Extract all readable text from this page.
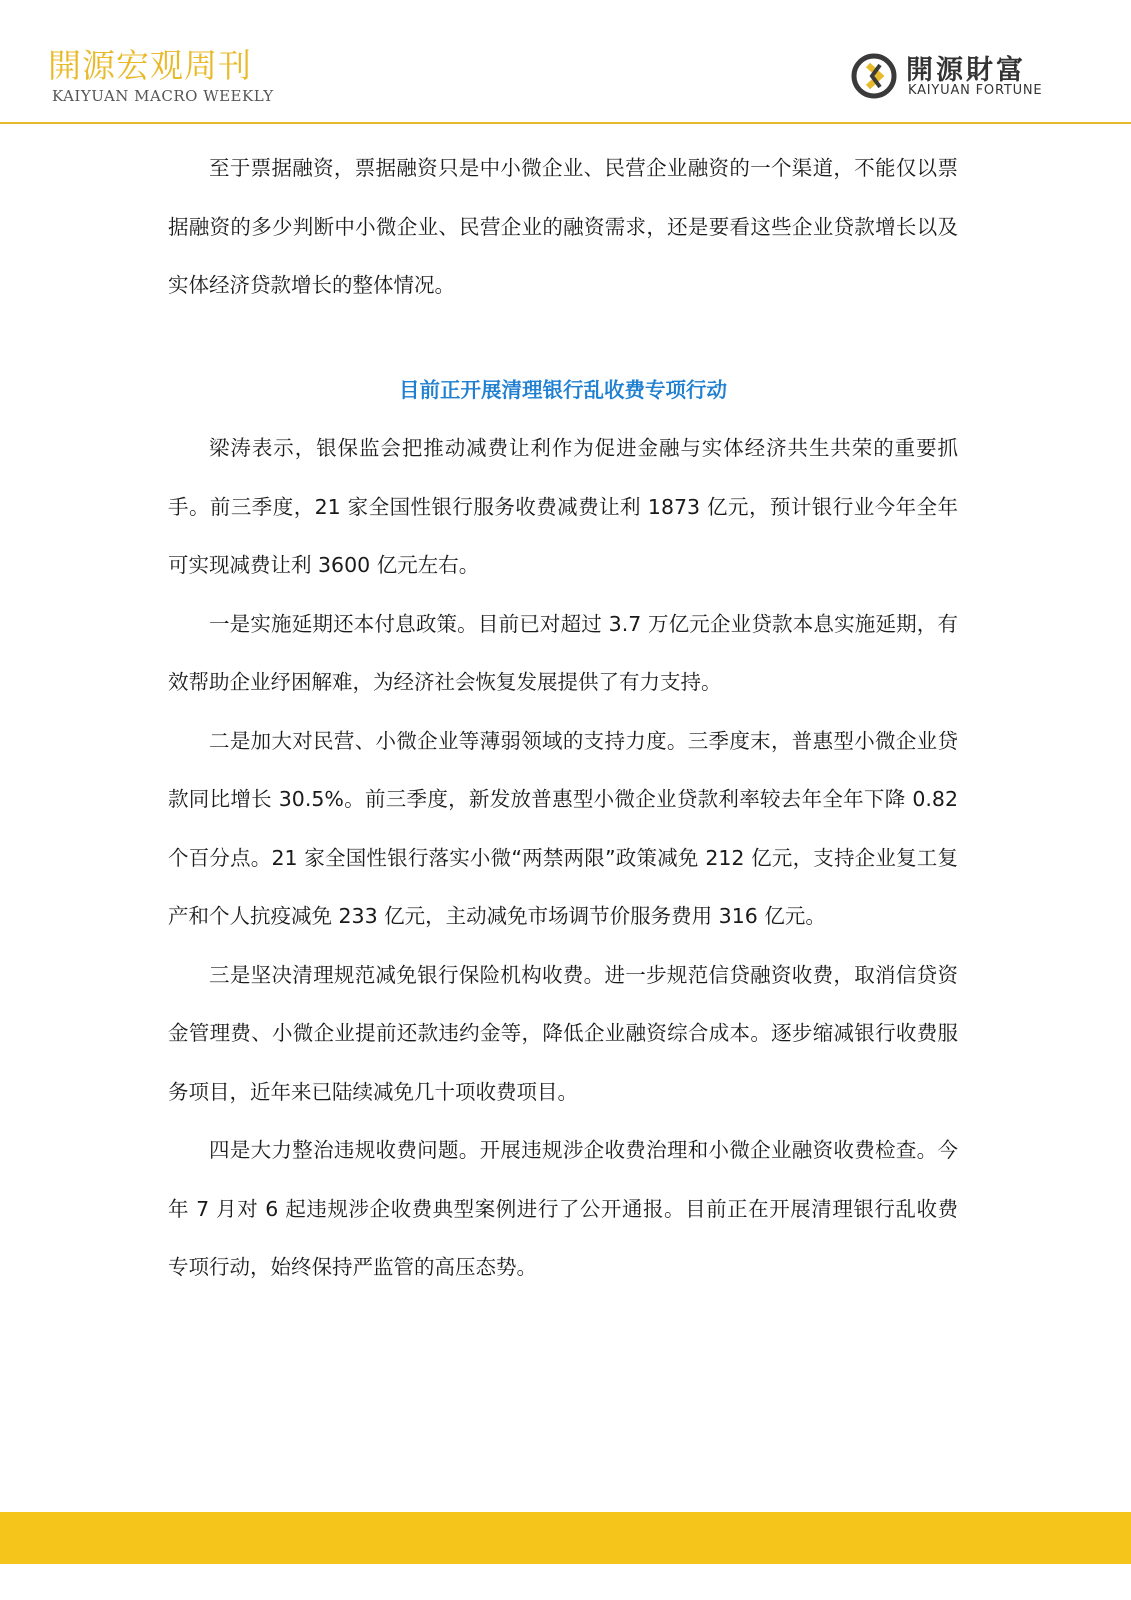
開源宏观周刊
KAIYUAN MACRO WEEKLY
開源財富
KAIYUAN FORTUNE

至于票据融资，票据融资只是中小微企业、民营企业融资的一个渠道，不能仅以票据融资的多少判断中小微企业、民营企业的融资需求，还是要看这些企业贷款增长以及实体经济贷款增长的整体情况。

目前正开展清理银行乱收费专项行动

梁涛表示，银保监会把推动减费让利作为促进金融与实体经济共生共荣的重要抓手。前三季度，21 家全国性银行服务收费减费让利 1873 亿元，预计银行业今年全年可实现减费让利 3600 亿元左右。

一是实施延期还本付息政策。目前已对超过 3.7 万亿元企业贷款本息实施延期，有效帮助企业纾困解难，为经济社会恢复发展提供了有力支持。

二是加大对民营、小微企业等薄弱领域的支持力度。三季度末，普惠型小微企业贷款同比增长 30.5%。前三季度，新发放普惠型小微企业贷款利率较去年全年下降 0.82 个百分点。21 家全国性银行落实小微“两禁两限”政策减免 212 亿元，支持企业复工复产和个人抗疫减免 233 亿元，主动减免市场调节价服务费用 316 亿元。

三是坚决清理规范减免银行保险机构收费。进一步规范信贷融资收费，取消信贷资金管理费、小微企业提前还款违约金等，降低企业融资综合成本。逐步缩减银行收费服务项目，近年来已陆续减免几十项收费项目。

四是大力整治违规收费问题。开展违规涉企收费治理和小微企业融资收费检查。今年 7 月对 6 起违规涉企收费典型案例进行了公开通报。目前正在开展清理银行乱收费专项行动，始终保持严监管的高压态势。
